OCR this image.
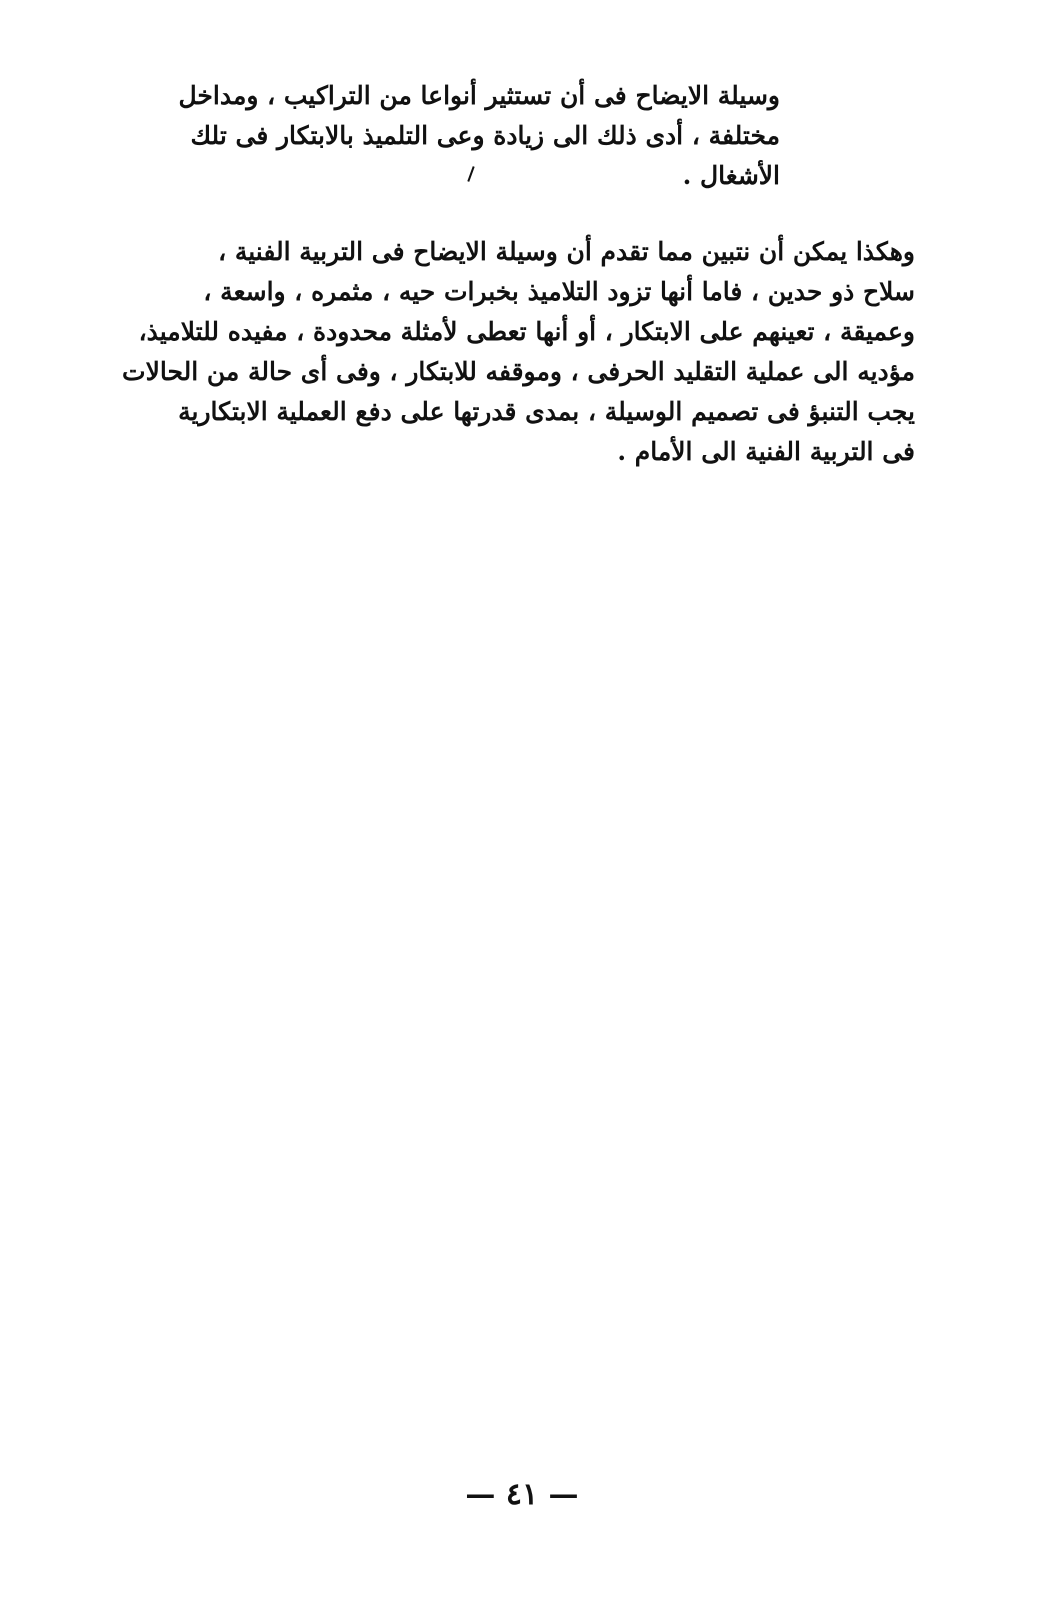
وسيلة الايضاح فى أن تستثير أنواعا من التراكيب ، ومداخل
مختلفة ، أدى ذلك الى زيادة وعى التلميذ بالابتكار فى تلك
الأشغال .
وهكذا يمكن أن نتبين مما تقدم أن وسيلة الايضاح فى التربية الفنية ،
سلاح ذو حدين ، فاما أنها تزود التلاميذ بخبرات حيه ، مثمره ، واسعة ،
وعميقة ، تعينهم على الابتكار ، أو أنها تعطى لأمثلة محدودة ، مفيده للتلاميذ،
مؤديه الى عملية التقليد الحرفى ، وموقفه للابتكار ، وفى أى حالة من الحالات
يجب التنبؤ فى تصميم الوسيلة ، بمدى قدرتها على دفع العملية الابتكارية
فى التربية الفنية الى الأمام .
— ٤١ —
